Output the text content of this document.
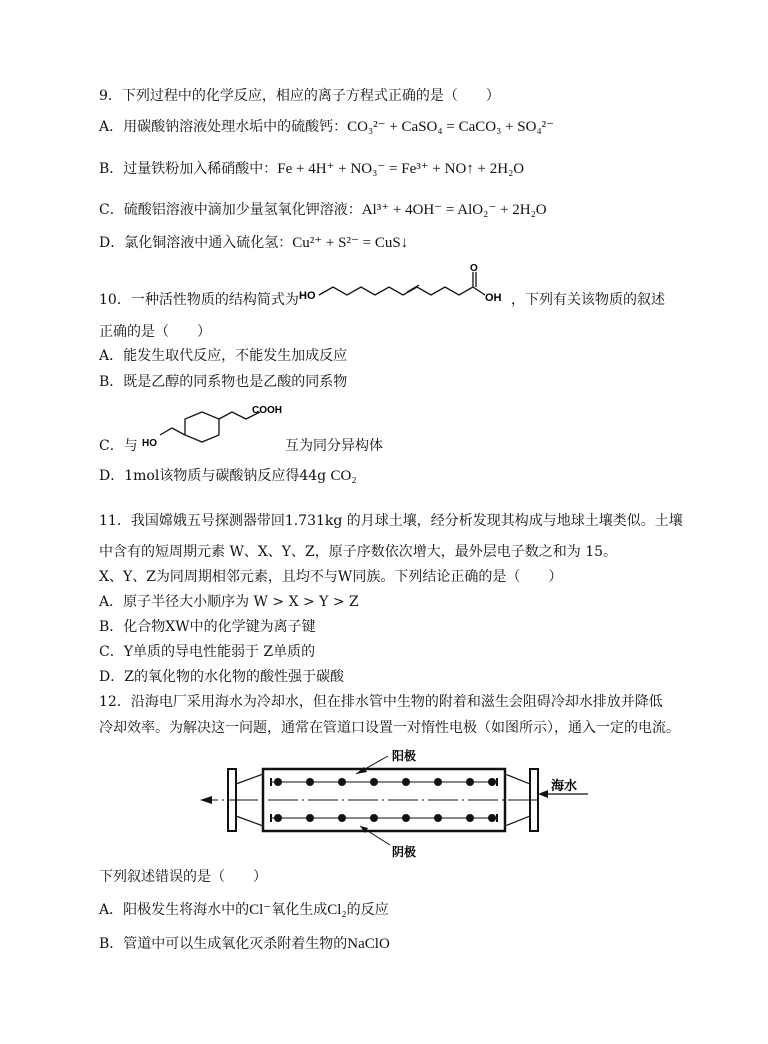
9．下列过程中的化学反应，相应的离子方程式正确的是（　　）
A．用碳酸钠溶液处理水垢中的硫酸钙：CO₃²⁻ + CaSO₄ = CaCO₃ + SO₄²⁻
B．过量铁粉加入稀硝酸中：Fe + 4H⁺ + NO₃⁻ = Fe³⁺ + NO↑ + 2H₂O
C．硫酸铝溶液中滴加少量氢氧化钾溶液：Al³⁺ + 4OH⁻ = AlO₂⁻ + 2H₂O
D．氯化铜溶液中通入硫化氢：Cu²⁺ + S²⁻ = CuS↓
10．一种活性物质的结构简式为 HO
O
OH ，下列有关该物质的叙述
正确的是（　　）
A．能发生取代反应，不能发生加成反应
B．既是乙醇的同系物也是乙酸的同系物
C．与
COOH
HO	互为同分异构体
D．1mol该物质与碳酸钠反应得44g CO₂
11．我国嫦娥五号探测器带回1.731kg 的月球土壤，经分析发现其构成与地球土壤类似。土壤
中含有的短周期元素 W、X、Y、Z，原子序数依次增大，最外层电子数之和为 15。
X、Y、Z为同周期相邻元素，且均不与W同族。下列结论正确的是（　　）
A．原子半径大小顺序为 W > X > Y > Z
B．化合物XW中的化学键为离子键
C．Y单质的导电性能弱于 Z单质的
D．Z的氧化物的水化物的酸性强于碳酸
12．沿海电厂采用海水为冷却水，但在排水管中生物的附着和滋生会阻碍冷却水排放并降低
冷却效率。为解决这一问题，通常在管道口设置一对惰性电极（如图所示），通入一定的电流。
海水
阳极
阴极
下列叙述错误的是（　　）
A．阳极发生将海水中的Cl⁻氧化生成Cl₂的反应
B．管道中可以生成氧化灭杀附着生物的NaClO
